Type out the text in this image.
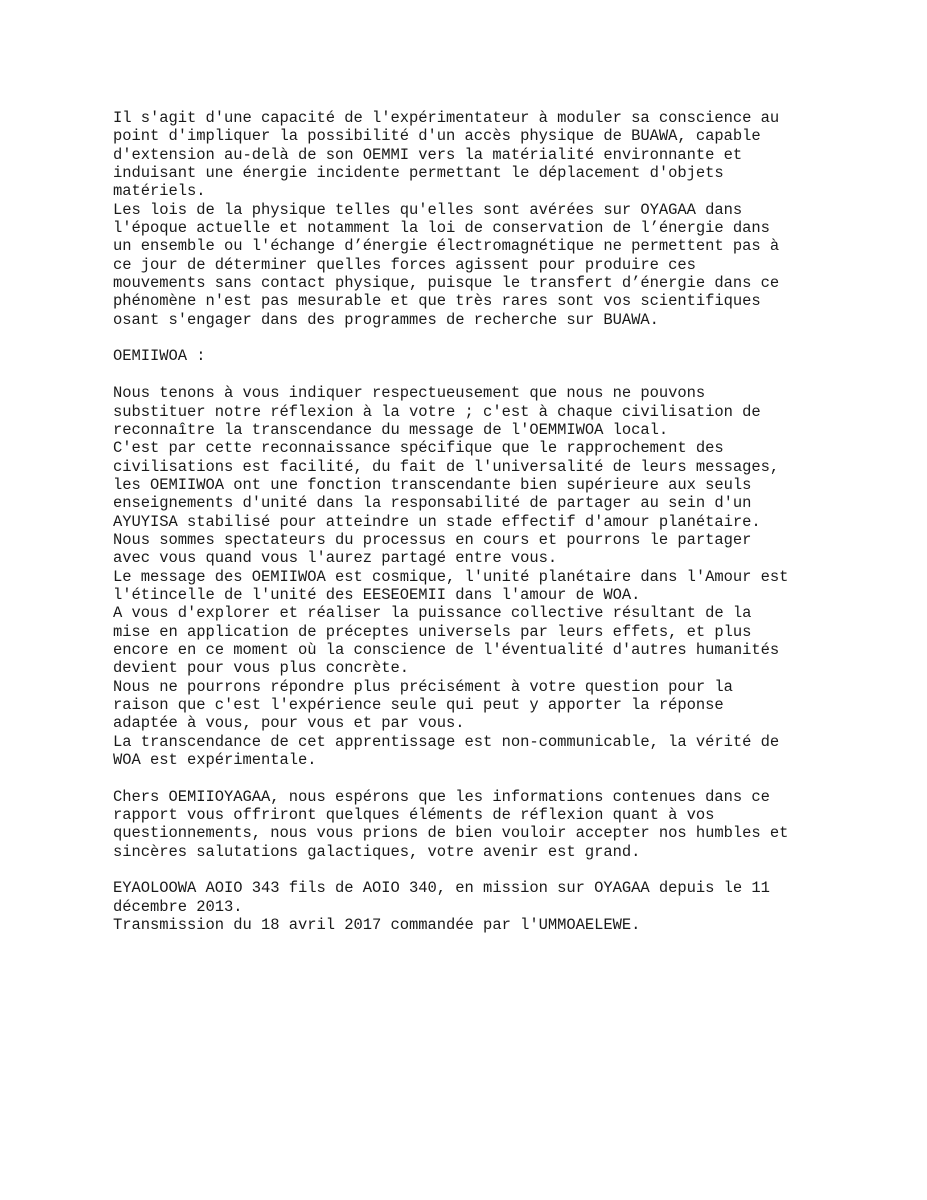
Il s'agit d'une capacité de l'expérimentateur à moduler sa conscience au
point d'impliquer la possibilité d'un accès physique de BUAWA, capable
d'extension au-delà de son OEMMI vers la matérialité environnante et
induisant une énergie incidente permettant le déplacement d'objets
matériels.
Les lois de la physique telles qu'elles sont avérées sur OYAGAA dans
l'époque actuelle et notamment la loi de conservation de l’énergie dans
un ensemble ou l'échange d’énergie électromagnétique ne permettent pas à
ce jour de déterminer quelles forces agissent pour produire ces
mouvements sans contact physique, puisque le transfert d’énergie dans ce
phénomène n'est pas mesurable et que très rares sont vos scientifiques
osant s'engager dans des programmes de recherche sur BUAWA.

OEMIIWOA :

Nous tenons à vous indiquer respectueusement que nous ne pouvons
substituer notre réflexion à la votre ; c'est à chaque civilisation de
reconnaître la transcendance du message de l'OEMMIWOA local.
C'est par cette reconnaissance spécifique que le rapprochement des
civilisations est facilité, du fait de l'universalité de leurs messages,
les OEMIIWOA ont une fonction transcendante bien supérieure aux seuls
enseignements d'unité dans la responsabilité de partager au sein d'un
AYUYISA stabilisé pour atteindre un stade effectif d'amour planétaire.
Nous sommes spectateurs du processus en cours et pourrons le partager
avec vous quand vous l'aurez partagé entre vous.
Le message des OEMIIWOA est cosmique, l'unité planétaire dans l'Amour est
l'étincelle de l'unité des EESEOEMII dans l'amour de WOA.
A vous d'explorer et réaliser la puissance collective résultant de la
mise en application de préceptes universels par leurs effets, et plus
encore en ce moment où la conscience de l'éventualité d'autres humanités
devient pour vous plus concrète.
Nous ne pourrons répondre plus précisément à votre question pour la
raison que c'est l'expérience seule qui peut y apporter la réponse
adaptée à vous, pour vous et par vous.
La transcendance de cet apprentissage est non-communicable, la vérité de
WOA est expérimentale.

Chers OEMIIOYAGAA, nous espérons que les informations contenues dans ce
rapport vous offriront quelques éléments de réflexion quant à vos
questionnements, nous vous prions de bien vouloir accepter nos humbles et
sincères salutations galactiques, votre avenir est grand.

EYAOLOOWA AOIO 343 fils de AOIO 340, en mission sur OYAGAA depuis le 11
décembre 2013.
Transmission du 18 avril 2017 commandée par l'UMMOAELEWE.
